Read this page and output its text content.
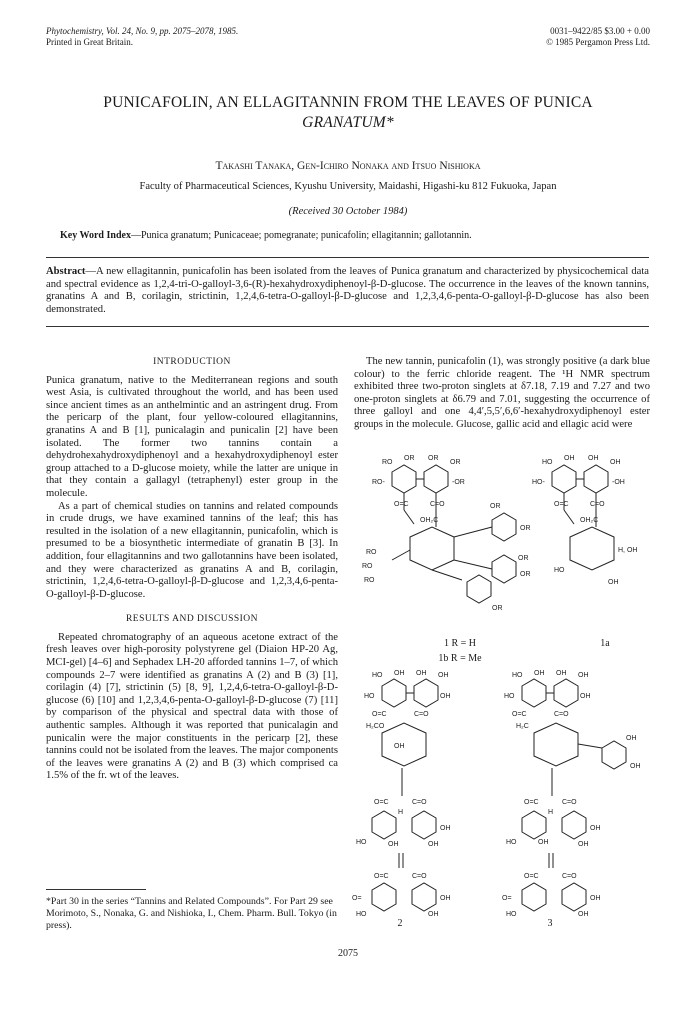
Phytochemistry, Vol. 24, No. 9, pp. 2075–2078, 1985.
Printed in Great Britain.
0031–9422/85 $3.00 + 0.00
© 1985 Pergamon Press Ltd.
PUNICAFOLIN, AN ELLAGITANNIN FROM THE LEAVES OF PUNICA
GRANATUM*
Takashi Tanaka, Gen-Ichiro Nonaka and Itsuo Nishioka
Faculty of Pharmaceutical Sciences, Kyushu University, Maidashi, Higashi-ku 812 Fukuoka, Japan
(Received 30 October 1984)
Key Word Index—Punica granatum; Punicaceae; pomegranate; punicafolin; ellagitannin; gallotannin.
Abstract—A new ellagitannin, punicafolin has been isolated from the leaves of Punica granatum and characterized by physicochemical data and spectral evidence as 1,2,4-tri-O-galloyl-3,6-(R)-hexahydroxydiphenoyl-β-D-glucose. The occurrence in the leaves of the known tannins, granatins A and B, corilagin, strictinin, 1,2,4,6-tetra-O-galloyl-β-D-glucose and 1,2,3,4,6-penta-O-galloyl-β-D-glucose has also been demonstrated.
INTRODUCTION

Punica granatum, native to the Mediterranean regions and south west Asia, is cultivated throughout the world, and has been used since ancient times as an anthelmintic and an astringent drug. From the pericarp of the plant, four yellow-coloured ellagitannins, granatins A and B [1], punicalagin and punicalin [2] have been isolated. The former two tannins contain a dehydrohexahydroxydiphenoyl and a hexahydroxydiphenoyl ester group attached to a D-glucose moiety, while the latter are unique in that they contain a gallagyl (tetraphenyl) ester group in the molecule.

As a part of chemical studies on tannins and related compounds in crude drugs, we have examined tannins of the leaf; this has resulted in the isolation of a new ellagitannin, punicafolin, which is presumed to be a biosynthetic intermediate of granatin B [3]. In addition, four ellagitannins and two gallotannins have been isolated, and they were characterized as granatins A and B, corilagin, strictinin, 1,2,4,6-tetra-O-galloyl-β-D-glucose and 1,2,3,4,6-penta-O-galloyl-β-D-glucose.

RESULTS AND DISCUSSION

Repeated chromatography of an aqueous acetone extract of the fresh leaves over high-porosity polystyrene gel (Diaion HP-20 Ag, MCI-gel) [4–6] and Sephadex LH-20 afforded tannins 1–7, of which compounds 2–7 were identified as granatins A (2) and B (3) [1], corilagin (4) [7], strictinin (5) [8, 9], 1,2,4,6-tetra-O-galloyl-β-D-glucose (6) [10] and 1,2,3,4,6-penta-O-galloyl-β-D-glucose (7) [11] by comparison of the physical and spectral data with those of authentic samples. Although it was reported that punicalagin and punicalin were the major constituents in the pericarp [2], these tannins could not be isolated from the leaves. The major components of the leaves were granatins A (2) and B (3) which comprised ca 1.5% of the fr. wt of the leaves.

*Part 30 in the series “Tannins and Related Compounds”. For Part 29 see Morimoto, S., Nonaka, G. and Nishioka, I., Chem. Pharm. Bull. Tokyo (in press).

The new tannin, punicafolin (1), was strongly positive (a dark blue colour) to the ferric chloride reagent. The ¹H NMR spectrum exhibited three two-proton singlets at δ7.18, 7.19 and 7.27 and two one-proton singlets at δ6.79 and 7.01, suggesting the occurrence of three galloyl and one 4,4′,5,5′,6,6′-hexahydroxydiphenoyl ester groups in the molecule. Glucose, gallic acid and ellagic acid were

RO
OR OR
OR
RO-	-OR
O=C	C=O
OH₂C
OR
OR
OR
OR
RO
RO
RO
OR
HO
OH OH
OH
HO-	-OH
O=C	C=O
OH₂C
H, OH
HO
OH
1 R = H
1b R = Me
1a
HO OH OH OH
HO	OH
O=C	C=O
H₂CO
OH
O=C	C=O
H
OH
HO	OH	OH
O=C	C=O
O=	OH
HO	OH
HO OH OH OH
HO	OH
O=C	C=O
H₂C
OH
OH
O=C	C=O
H
OH
HO	OH	OH
O=C	C=O
O=	OH
HO	OH
2	3
2075
